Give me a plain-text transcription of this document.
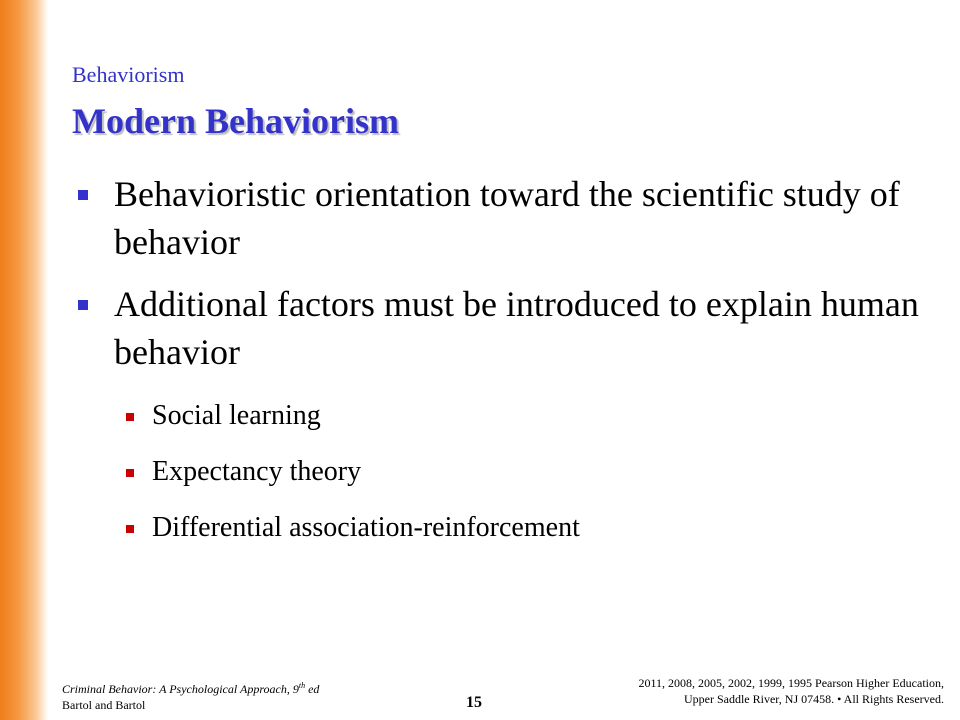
Behaviorism
Modern Behaviorism
Behavioristic orientation toward the scientific study of behavior
Additional factors must be introduced to explain human behavior
Social learning
Expectancy theory
Differential association-reinforcement
Criminal Behavior: A Psychological Approach, 9th ed
Bartol and Bartol	15
2011, 2008, 2005, 2002, 1999, 1995 Pearson Higher Education,
Upper Saddle River, NJ 07458. • All Rights Reserved.
